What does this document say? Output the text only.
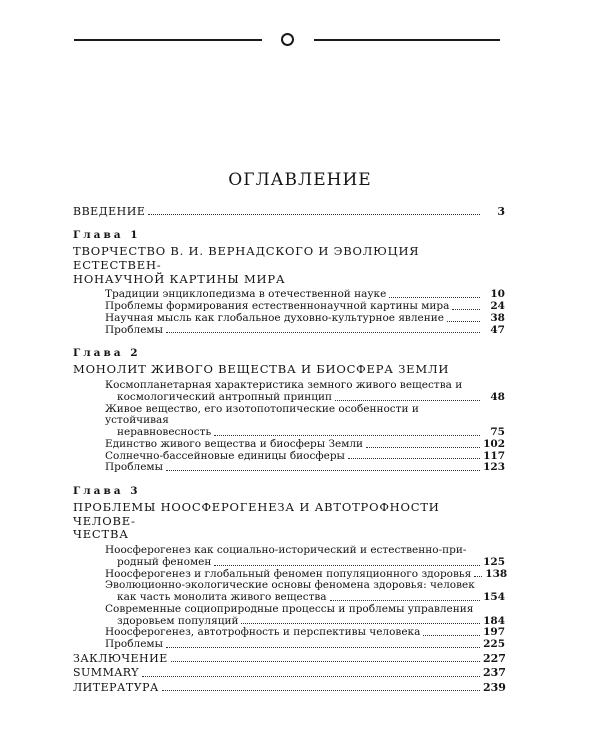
ОГЛАВЛЕНИЕ
ВВЕДЕНИЕ	3
Глава 1
ТВОРЧЕСТВО В. И. ВЕРНАДСКОГО И ЭВОЛЮЦИЯ ЕСТЕСТВЕН-
НОНАУЧНОЙ КАРТИНЫ МИРА
Традиции энциклопедизма в отечественной науке	10
Проблемы формирования естественнонаучной картины мира	24
Научная мысль как глобальное духовно-культурное явление	38
Проблемы	47
Глава 2
МОНОЛИТ ЖИВОГО ВЕЩЕСТВА И БИОСФЕРА ЗЕМЛИ
Космопланетарная характеристика земного живого вещества и
космологический антропный принцип	48
Живое вещество, его изотопотопические особенности и устойчивая
неравновесность	75
Единство живого вещества и биосферы Земли	102
Солнечно-бассейновые единицы биосферы	117
Проблемы	123
Глава 3
ПРОБЛЕМЫ НООСФЕРОГЕНЕЗА И АВТОТРОФНОСТИ ЧЕЛОВЕ-
ЧЕСТВА
Ноосферогенез как социально-исторический и естественно-при-
родный феномен	125
Ноосферогенез и глобальный феномен популяционного здоровья 138
Эволюционно-экологические основы феномена здоровья: человек
как часть монолита живого вещества	154
Современные социоприродные процессы и проблемы управления
здоровьем популяций	184
Ноосферогенез, автотрофность и перспективы человека	197
Проблемы	225
ЗАКЛЮЧЕНИЕ	227
SUMMARY	237
ЛИТЕРАТУРА	239
